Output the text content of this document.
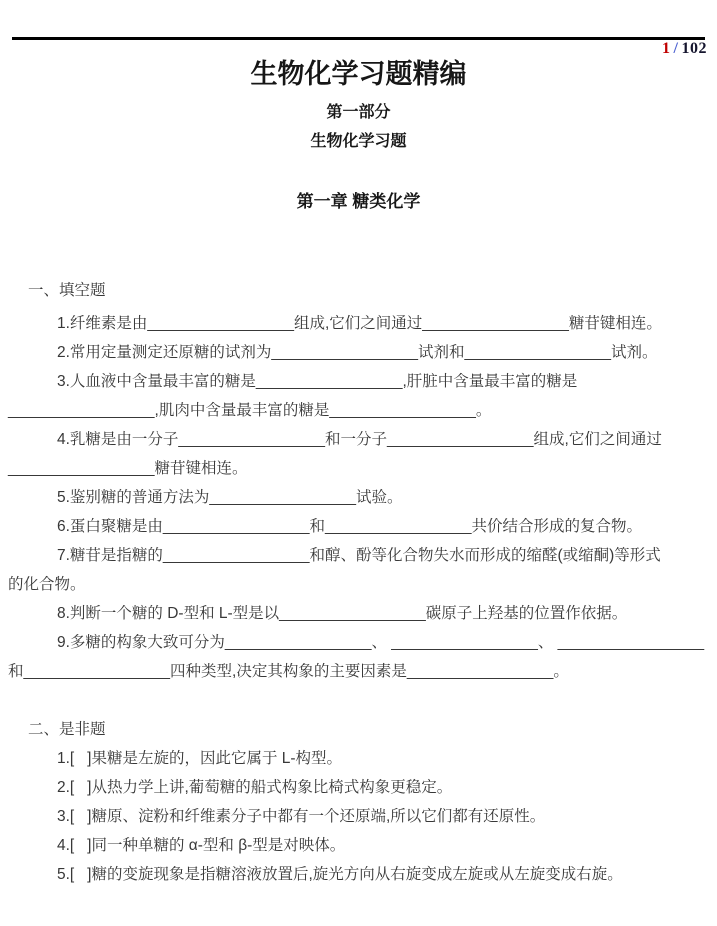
1 / 102
生物化学习题精编
第一部分
生物化学习题
第一章 糖类化学
一、填空题
1.纤维素是由_________________组成,它们之间通过_________________糖苷键相连。
2.常用定量测定还原糖的试剂为_________________试剂和_________________试剂。
3.人血液中含量最丰富的糖是_________________,肝脏中含量最丰富的糖是
_________________,肌肉中含量最丰富的糖是_________________。
4.乳糖是由一分子_________________和一分子_________________组成,它们之间通过
_________________糖苷键相连。
5.鉴别糖的普通方法为_________________试验。
6.蛋白聚糖是由_________________和_________________共价结合形成的复合物。
7.糖苷是指糖的_________________和醇、酚等化合物失水而形成的缩醛(或缩酮)等形式
的化合物。
8.判断一个糖的 D-型和 L-型是以_________________碳原子上羟基的位置作依据。
9.多糖的构象大致可分为_________________、 _________________、 _________________
和_________________四种类型,决定其构象的主要因素是_________________。
二、是非题
1.[   ]果糖是左旋的，因此它属于 L-构型。
2.[   ]从热力学上讲,葡萄糖的船式构象比椅式构象更稳定。
3.[   ]糖原、淀粉和纤维素分子中都有一个还原端,所以它们都有还原性。
4.[   ]同一种单糖的 α-型和 β-型是对映体。
5.[   ]糖的变旋现象是指糖溶液放置后,旋光方向从右旋变成左旋或从左旋变成右旋。
